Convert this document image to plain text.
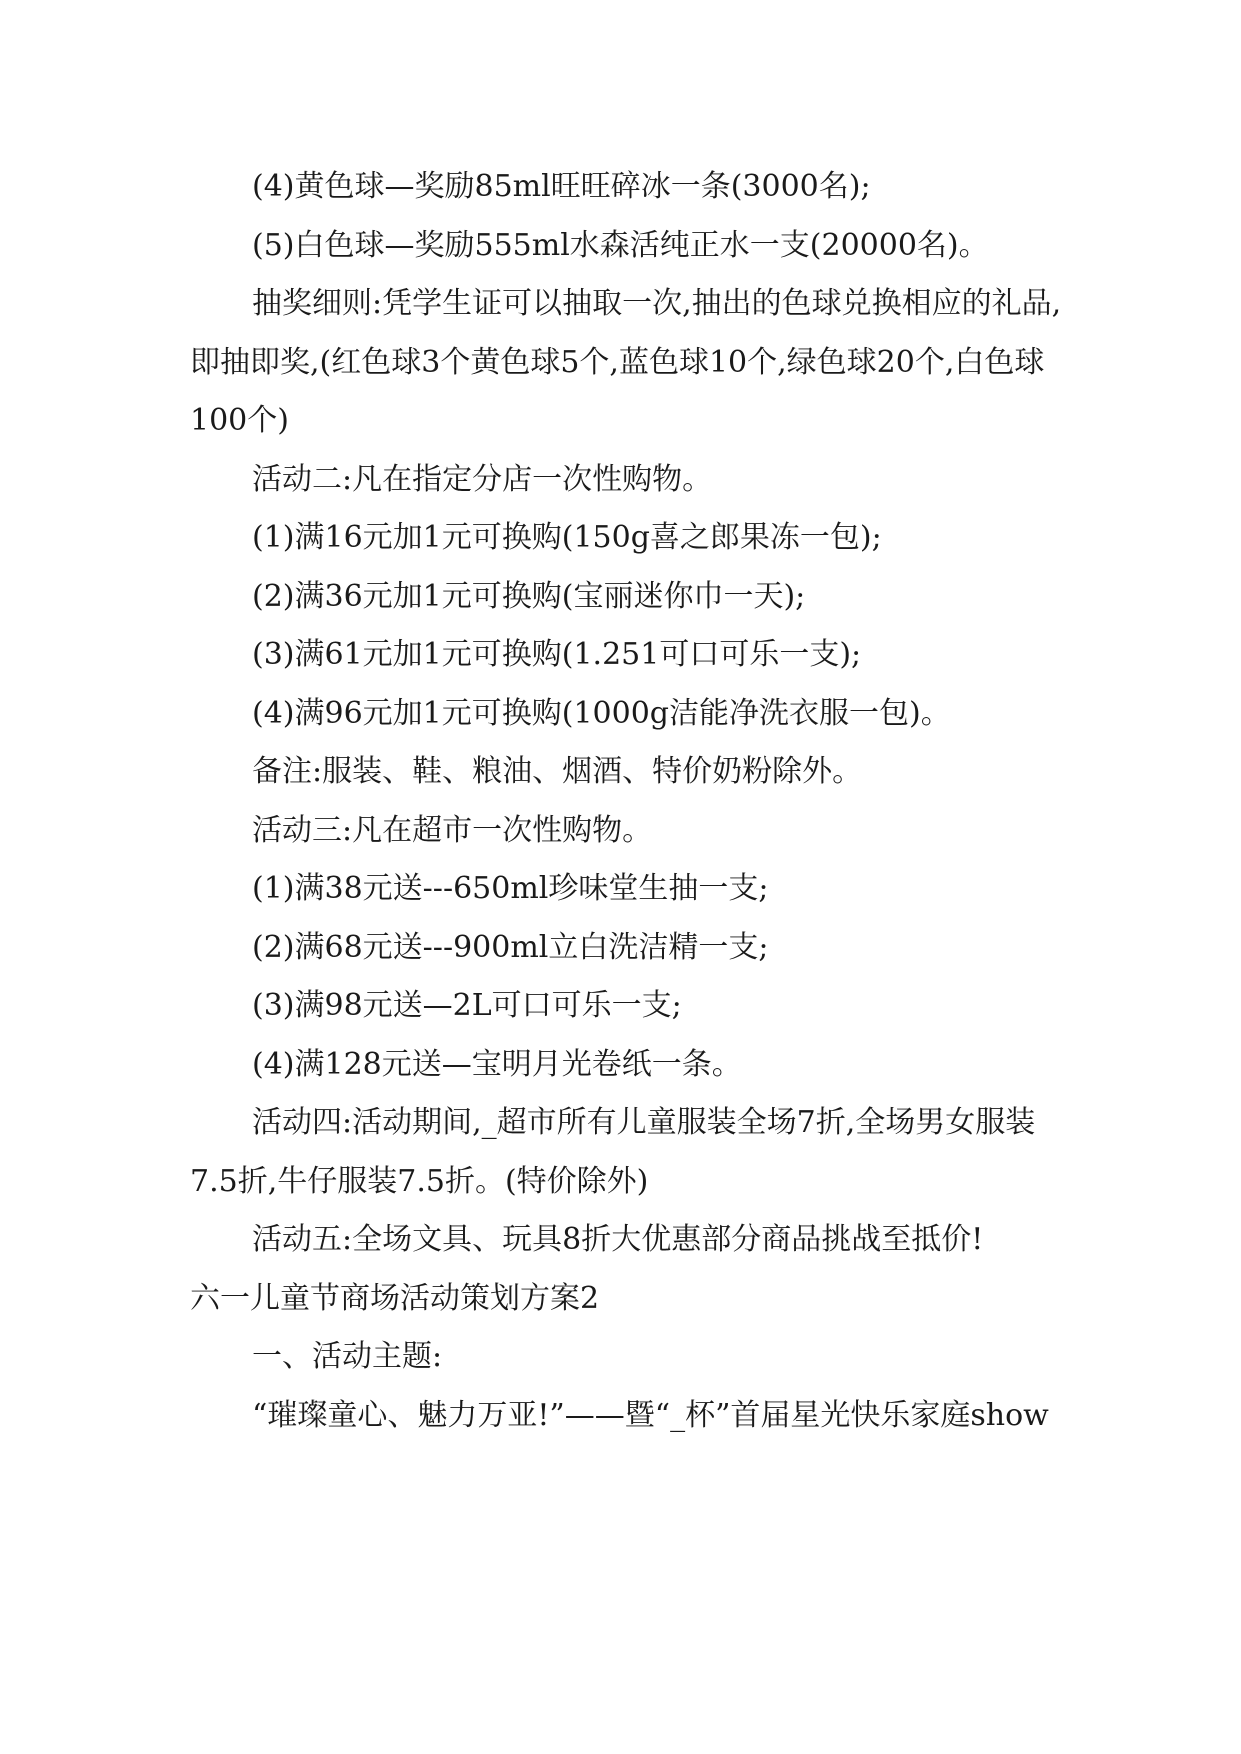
(4)黄色球—奖励85ml旺旺碎冰一条(3000名);

(5)白色球—奖励555ml水森活纯正水一支(20000名)。

抽奖细则:凭学生证可以抽取一次,抽出的色球兑换相应的礼品,即抽即奖,(红色球3个黄色球5个,蓝色球10个,绿色球20个,白色球100个)

活动二:凡在指定分店一次性购物。

(1)满16元加1元可换购(150g喜之郎果冻一包);

(2)满36元加1元可换购(宝丽迷你巾一天);

(3)满61元加1元可换购(1.251可口可乐一支);

(4)满96元加1元可换购(1000g洁能净洗衣服一包)。

备注:服装、鞋、粮油、烟酒、特价奶粉除外。

活动三:凡在超市一次性购物。

(1)满38元送---650ml珍味堂生抽一支;

(2)满68元送---900ml立白洗洁精一支;

(3)满98元送—2L可口可乐一支;

(4)满128元送—宝明月光卷纸一条。

活动四:活动期间,_超市所有儿童服装全场7折,全场男女服装7.5折,牛仔服装7.5折。(特价除外)

活动五:全场文具、玩具8折大优惠部分商品挑战至抵价!

六一儿童节商场活动策划方案2

一、活动主题:

“璀璨童心、魅力万亚!”——暨“_杯”首届星光快乐家庭show
